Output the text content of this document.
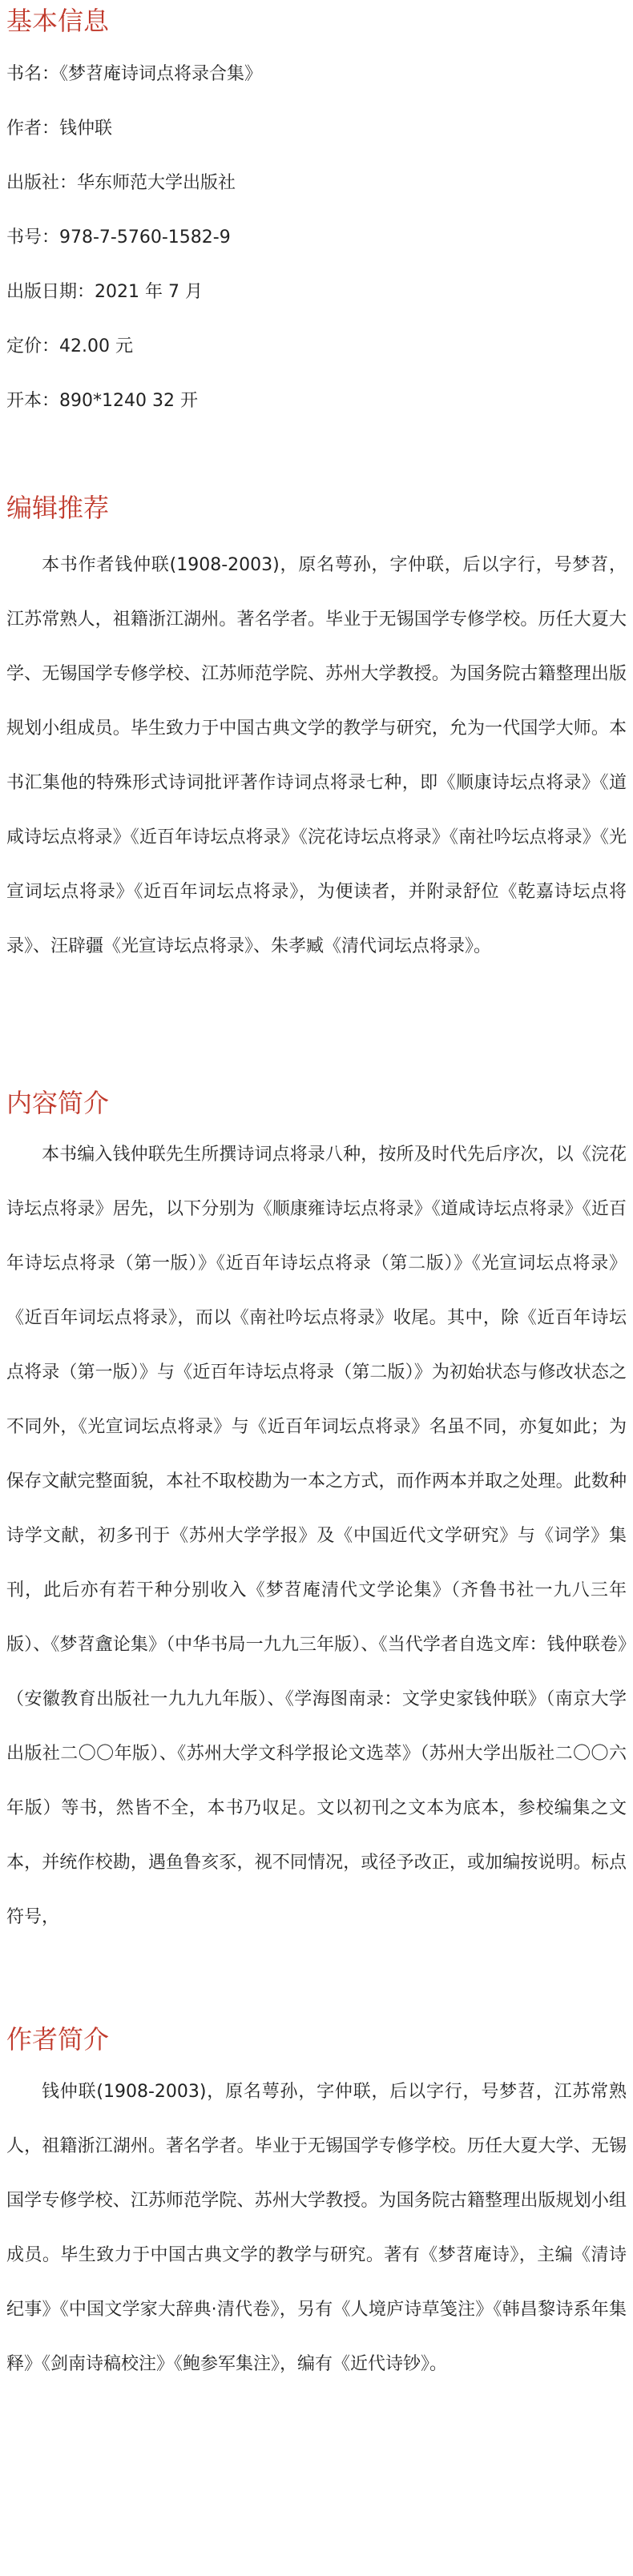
基本信息

书名：《梦苕庵诗词点将录合集》

作者：钱仲联

出版社：华东师范大学出版社

书号：978-7-5760-1582-9

出版日期：2021 年 7 月

定价：42.00 元

开本：890*1240 32 开

编辑推荐

本书作者钱仲联(1908-2003)，原名萼孙，字仲联，后以字行，号梦苕，江苏常熟人，祖籍浙江湖州。著名学者。毕业于无锡国学专修学校。历任大夏大学、无锡国学专修学校、江苏师范学院、苏州大学教授。为国务院古籍整理出版规划小组成员。毕生致力于中国古典文学的教学与研究，允为一代国学大师。本书汇集他的特殊形式诗词批评著作诗词点将录七种，即《顺康诗坛点将录》《道咸诗坛点将录》《近百年诗坛点将录》《浣花诗坛点将录》《南社吟坛点将录》《光宣词坛点将录》《近百年词坛点将录》，为便读者，并附录舒位《乾嘉诗坛点将录》、汪辟疆《光宣诗坛点将录》、朱孝臧《清代词坛点将录》。

内容简介

本书编入钱仲联先生所撰诗词点将录八种，按所及时代先后序次，以《浣花诗坛点将录》居先，以下分别为《顺康雍诗坛点将录》《道咸诗坛点将录》《近百年诗坛点将录（第一版）》《近百年诗坛点将录（第二版）》《光宣词坛点将录》《近百年词坛点将录》，而以《南社吟坛点将录》收尾。其中，除《近百年诗坛点将录（第一版）》与《近百年诗坛点将录（第二版）》为初始状态与修改状态之不同外，《光宣词坛点将录》与《近百年词坛点将录》名虽不同，亦复如此；为保存文献完整面貌，本社不取校勘为一本之方式，而作两本并取之处理。此数种诗学文献，初多刊于《苏州大学学报》及《中国近代文学研究》与《词学》集刊，此后亦有若干种分别收入《梦苕庵清代文学论集》（齐鲁书社一九八三年版）、《梦苕盦论集》（中华书局一九九三年版）、《当代学者自选文库：钱仲联卷》（安徽教育出版社一九九九年版）、《学海图南录：文学史家钱仲联》（南京大学出版社二〇〇年版）、《苏州大学文科学报论文选萃》（苏州大学出版社二〇〇六年版）等书，然皆不全，本书乃収足。文以初刊之文本为底本，参校编集之文本，并统作校勘，遇鱼鲁亥豕，视不同情况，或径予改正，或加编按说明。标点符号，

作者简介

钱仲联(1908-2003)，原名萼孙，字仲联，后以字行，号梦苕，江苏常熟人，祖籍浙江湖州。著名学者。毕业于无锡国学专修学校。历任大夏大学、无锡国学专修学校、江苏师范学院、苏州大学教授。为国务院古籍整理出版规划小组成员。毕生致力于中国古典文学的教学与研究。著有《梦苕庵诗》，主编《清诗纪事》《中国文学家大辞典·清代卷》，另有《人境庐诗草笺注》《韩昌黎诗系年集释》《剑南诗稿校注》《鲍参军集注》，编有《近代诗钞》。
